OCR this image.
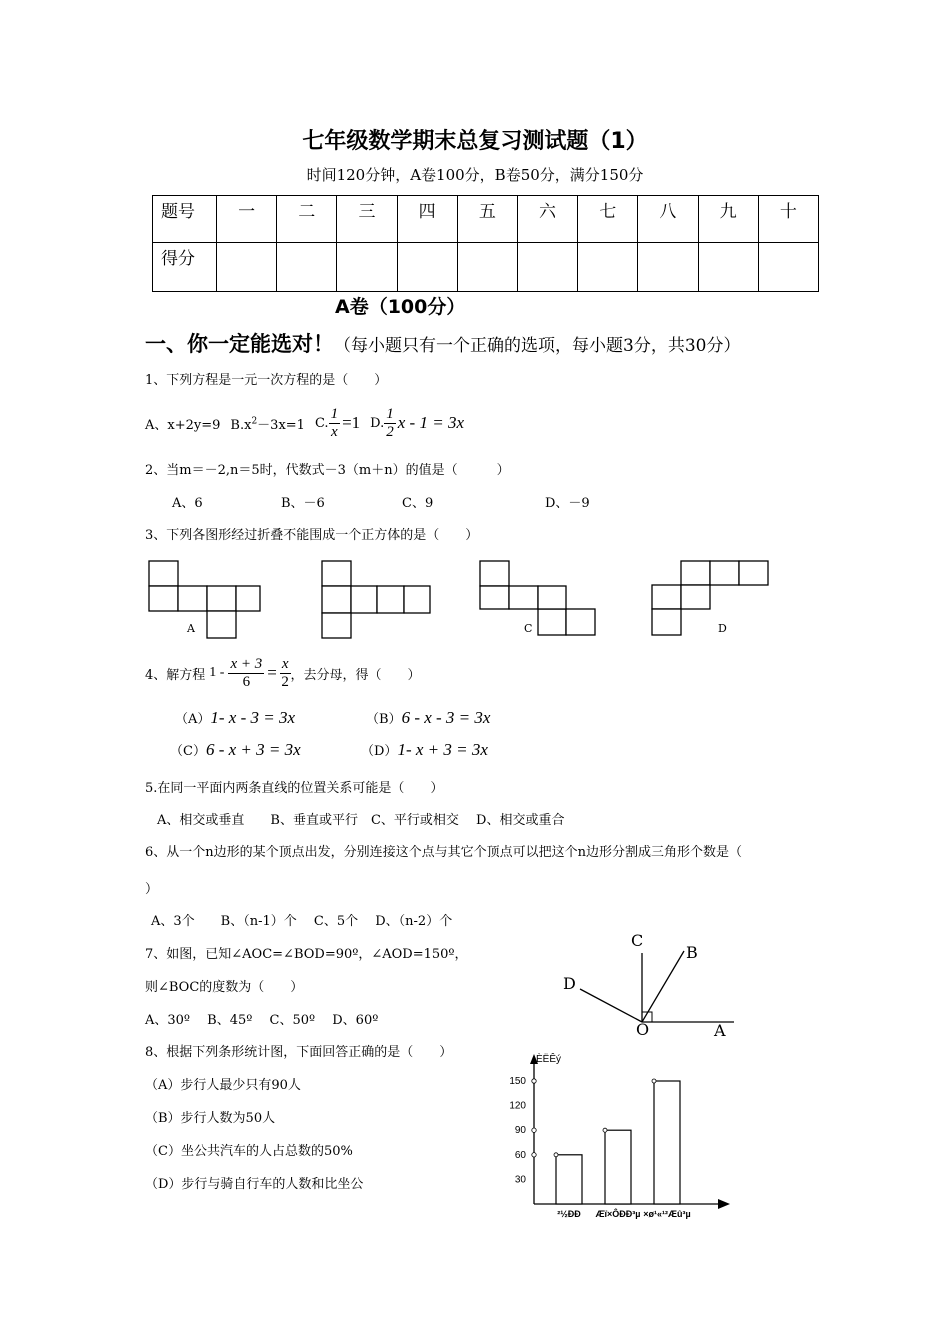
七年级数学期末总复习测试题（1）
时间120分钟，A卷100分，B卷50分，满分150分
题号	一	二	三	四	五	六	七	八	九	十
得分										
A卷（100分）
一、你一定能选对！（每小题只有一个正确的选项，每小题3分，共30分）
1、下列方程是一元一次方程的是（　　）
A、x+2y=9 $B.x^2-3x=1$ C. $\frac{1}{x} =1$ D. $\frac{1}{2}$ x - 1 = 3x
2、当m＝－2,n＝5时，代数式－3（m＋n）的值是（　　　）
A、6	B、－6	C、9	D、－9
3、下列各图形经过折叠不能围成一个正方体的是（　　）
A	C	D
4、解方程 $1 - \frac{x + 3}{6} = \frac{x}{2}$ ，去分母，得（　　）
（A）1- x - 3 = 3x	（B）6 - x - 3 = 3x
（C）6 - x + 3 = 3x	（D）1- x + 3 = 3x
5.在同一平面内两条直线的位置关系可能是（　　）
A、相交或垂直　　B、垂直或平行　C、平行或相交　 D、相交或重合
6、从一个n边形的某个顶点出发，分别连接这个点与其它个顶点可以把这个n边形分割成三角形个数是（
）
A、3个　　B、（n-1）个　 C、5个　 D、（n-2）个
7、如图，已知∠AOC=∠BOD=90º，∠AOD=150º，
则∠BOC的度数为（　　）
A、30º　 B、45º　 C、50º　 D、60º
C
B
D
O	A
8、根据下列条形统计图，下面回答正确的是（　　）
（A）步行人最少只有90人
（B）步行人数为50人
（C）坐公共汽车的人占总数的50%
（D）步行与骑自行车的人数和比坐公
ÈËÊý
30
60
90
120
150
²½ÐÐ Æï×ÔÐÐ³µ ×ø¹«¹²Æû³µ
